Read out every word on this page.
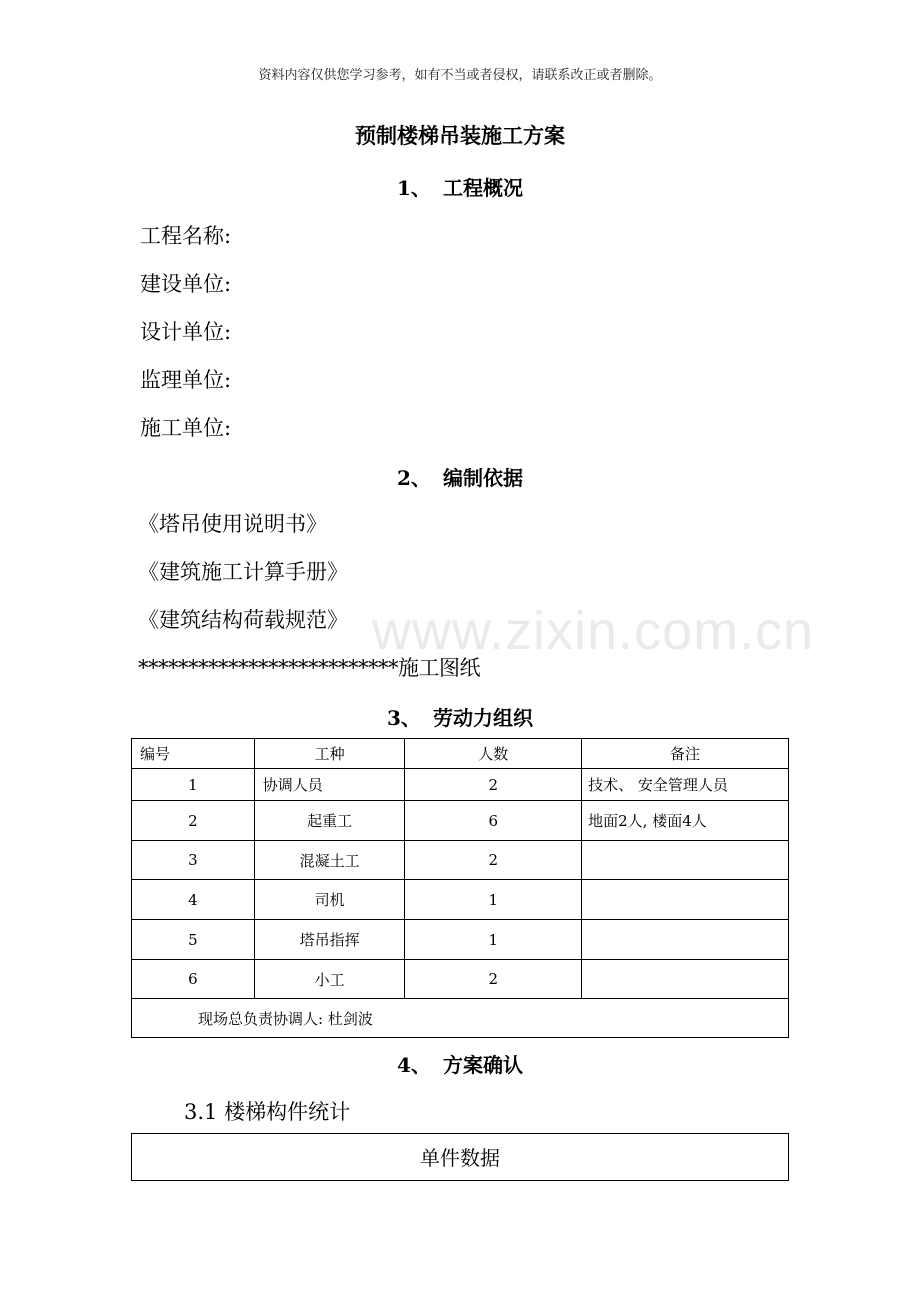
资料内容仅供您学习参考，如有不当或者侵权，请联系改正或者删除。
预制楼梯吊装施工方案
1、 工程概况
工程名称:
建设单位:
设计单位:
监理单位:
施工单位:
2、 编制依据
《塔吊使用说明书》
《建筑施工计算手册》
《建筑结构荷载规范》 www.zixin.com.cn
**************************施工图纸
3、 劳动力组织
编号	工种	人数	备注
1	协调人员	2	技术、 安全管理人员
2	起重工	6	地面2人, 楼面4人
3	混凝土工	2	
4	司机	1	
5	塔吊指挥	1	
6	小工	2	
现场总负责协调人: 杜剑波			
4、 方案确认
3.1 楼梯构件统计
单件数据
